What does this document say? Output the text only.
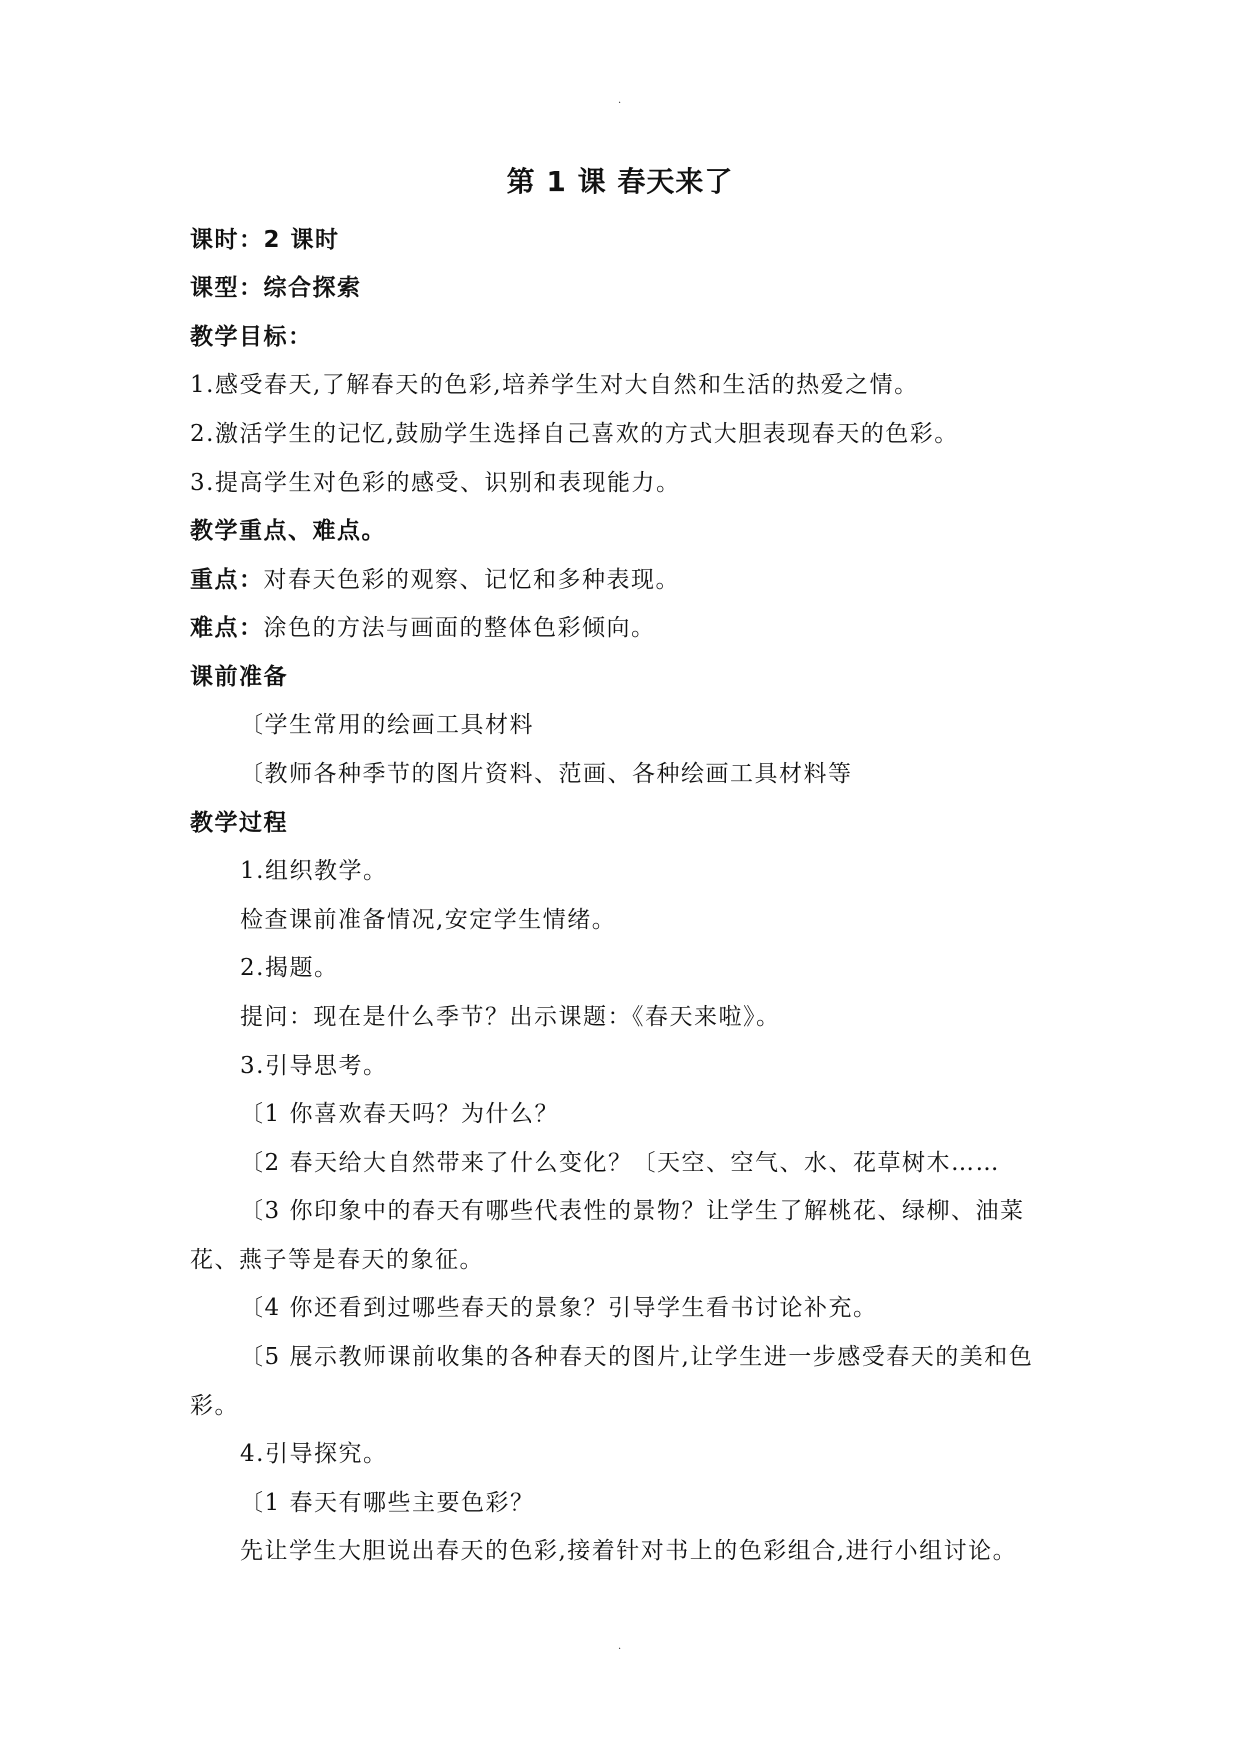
.
第 1 课 春天来了
课时：2 课时
课型：综合探索
教学目标：
1.感受春天,了解春天的色彩,培养学生对大自然和生活的热爱之情。
2.激活学生的记忆,鼓励学生选择自己喜欢的方式大胆表现春天的色彩。
3.提高学生对色彩的感受、识别和表现能力。
教学重点、难点。
重点：对春天色彩的观察、记忆和多种表现。
难点：涂色的方法与画面的整体色彩倾向。
课前准备
〔学生常用的绘画工具材料
〔教师各种季节的图片资料、范画、各种绘画工具材料等
教学过程
1.组织教学。
检查课前准备情况,安定学生情绪。
2.揭题。
提问：现在是什么季节？出示课题：《春天来啦》。
3.引导思考。
〔1 你喜欢春天吗？为什么？
〔2 春天给大自然带来了什么变化？〔天空、空气、水、花草树木……
〔3 你印象中的春天有哪些代表性的景物？让学生了解桃花、绿柳、油菜
花、燕子等是春天的象征。
〔4 你还看到过哪些春天的景象？引导学生看书讨论补充。
〔5 展示教师课前收集的各种春天的图片,让学生进一步感受春天的美和色
彩。
4.引导探究。
〔1 春天有哪些主要色彩？
先让学生大胆说出春天的色彩,接着针对书上的色彩组合,进行小组讨论。
.
